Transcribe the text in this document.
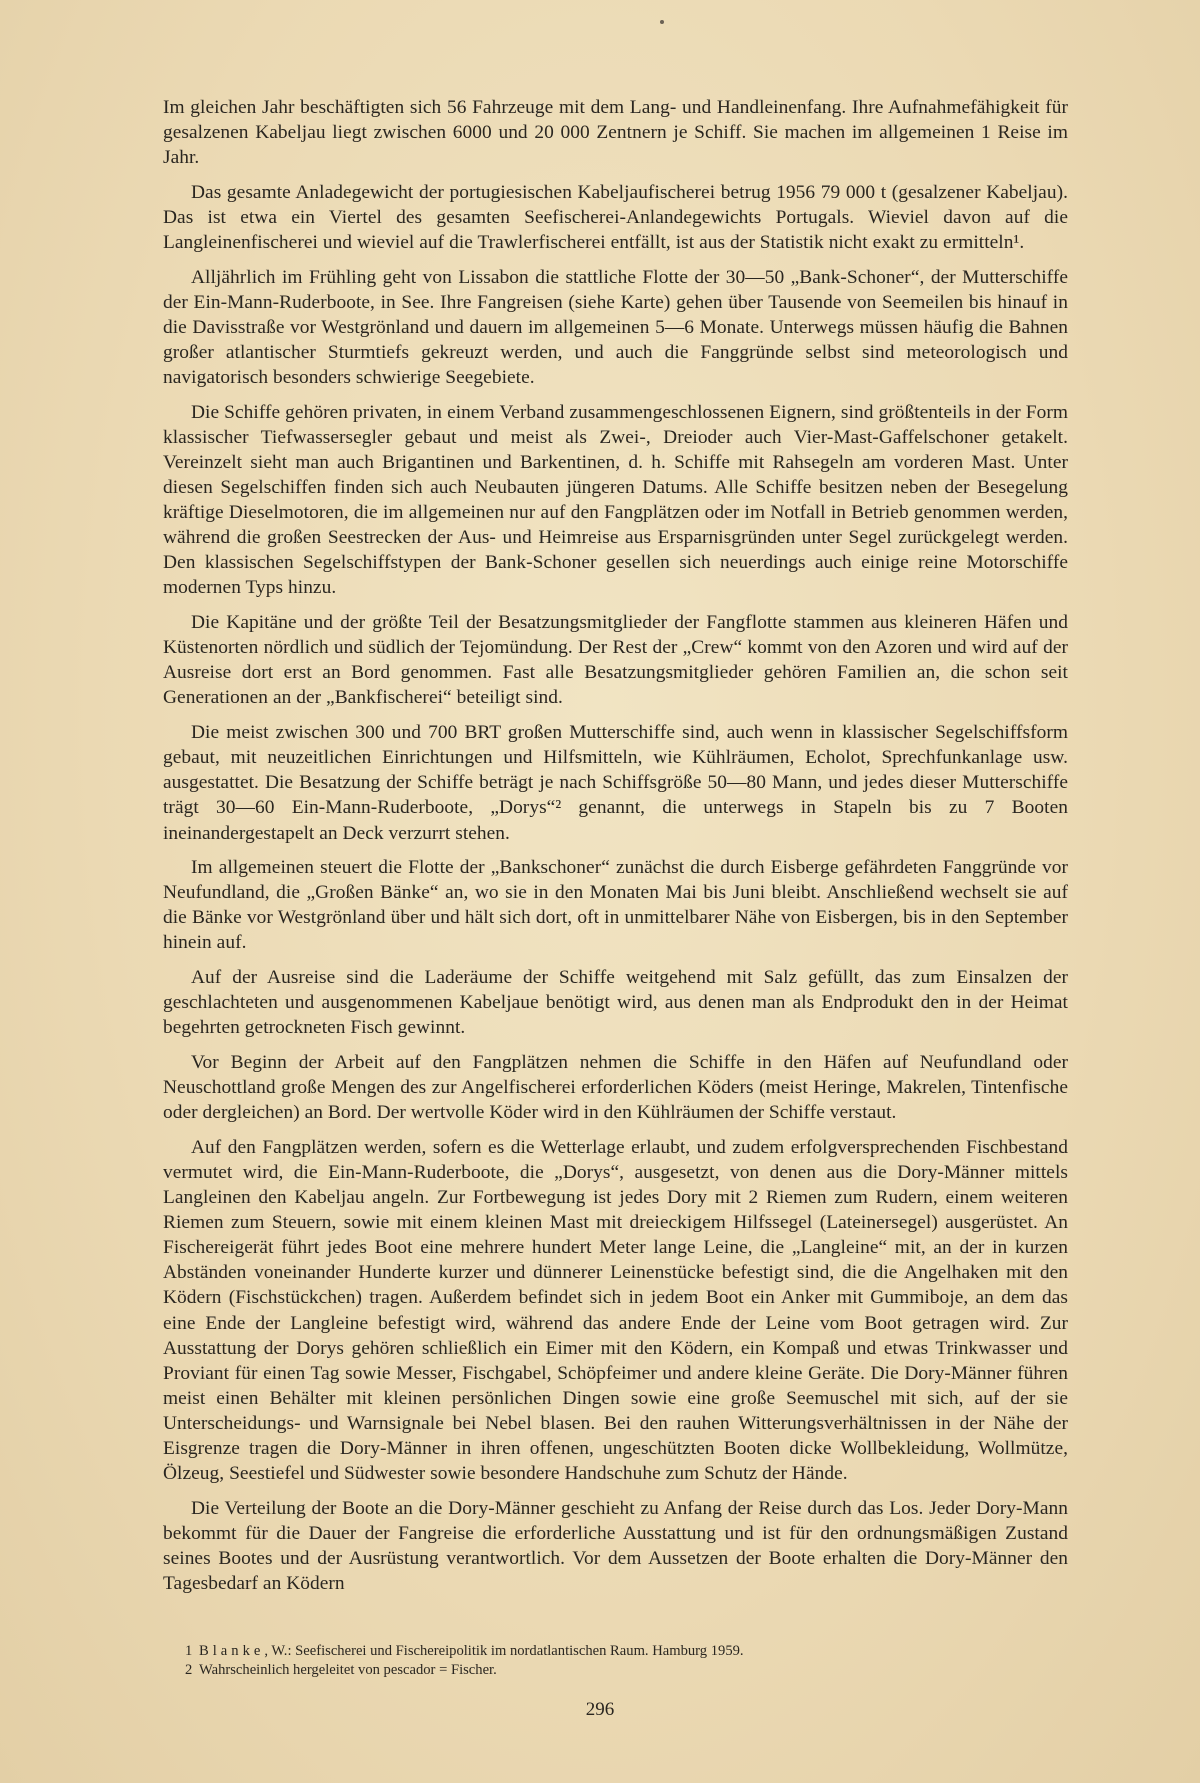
Im gleichen Jahr beschäftigten sich 56 Fahrzeuge mit dem Lang- und Handleinenfang. Ihre Aufnahmefähigkeit für gesalzenen Kabeljau liegt zwischen 6000 und 20 000 Zentnern je Schiff. Sie machen im allgemeinen 1 Reise im Jahr.

Das gesamte Anladegewicht der portugiesischen Kabeljaufischerei betrug 1956 79 000 t (gesalzener Kabeljau). Das ist etwa ein Viertel des gesamten Seefischerei-Anlandegewichts Portugals. Wieviel davon auf die Langleinenfischerei und wieviel auf die Trawlerfischerei entfällt, ist aus der Statistik nicht exakt zu ermitteln¹.

Alljährlich im Frühling geht von Lissabon die stattliche Flotte der 30—50 „Bank-Schoner“, der Mutterschiffe der Ein-Mann-Ruderboote, in See. Ihre Fangreisen (siehe Karte) gehen über Tausende von Seemeilen bis hinauf in die Davisstraße vor Westgrönland und dauern im allgemeinen 5—6 Monate. Unterwegs müssen häufig die Bahnen großer atlantischer Sturmtiefs gekreuzt werden, und auch die Fanggründe selbst sind meteorologisch und navigatorisch besonders schwierige Seegebiete.

Die Schiffe gehören privaten, in einem Verband zusammengeschlossenen Eignern, sind größtenteils in der Form klassischer Tiefwassersegler gebaut und meist als Zwei-, Dreioder auch Vier-Mast-Gaffelschoner getakelt. Vereinzelt sieht man auch Brigantinen und Barkentinen, d. h. Schiffe mit Rahsegeln am vorderen Mast. Unter diesen Segelschiffen finden sich auch Neubauten jüngeren Datums. Alle Schiffe besitzen neben der Besegelung kräftige Dieselmotoren, die im allgemeinen nur auf den Fangplätzen oder im Notfall in Betrieb genommen werden, während die großen Seestrecken der Aus- und Heimreise aus Ersparnisgründen unter Segel zurückgelegt werden. Den klassischen Segelschiffstypen der Bank-Schoner gesellen sich neuerdings auch einige reine Motorschiffe modernen Typs hinzu.

Die Kapitäne und der größte Teil der Besatzungsmitglieder der Fangflotte stammen aus kleineren Häfen und Küstenorten nördlich und südlich der Tejomündung. Der Rest der „Crew“ kommt von den Azoren und wird auf der Ausreise dort erst an Bord genommen. Fast alle Besatzungsmitglieder gehören Familien an, die schon seit Generationen an der „Bankfischerei“ beteiligt sind.

Die meist zwischen 300 und 700 BRT großen Mutterschiffe sind, auch wenn in klassischer Segelschiffsform gebaut, mit neuzeitlichen Einrichtungen und Hilfsmitteln, wie Kühlräumen, Echolot, Sprechfunkanlage usw. ausgestattet. Die Besatzung der Schiffe beträgt je nach Schiffsgröße 50—80 Mann, und jedes dieser Mutterschiffe trägt 30—60 Ein-Mann-Ruderboote, „Dorys“² genannt, die unterwegs in Stapeln bis zu 7 Booten ineinandergestapelt an Deck verzurrt stehen.

Im allgemeinen steuert die Flotte der „Bankschoner“ zunächst die durch Eisberge gefährdeten Fanggründe vor Neufundland, die „Großen Bänke“ an, wo sie in den Monaten Mai bis Juni bleibt. Anschließend wechselt sie auf die Bänke vor Westgrönland über und hält sich dort, oft in unmittelbarer Nähe von Eisbergen, bis in den September hinein auf.

Auf der Ausreise sind die Laderäume der Schiffe weitgehend mit Salz gefüllt, das zum Einsalzen der geschlachteten und ausgenommenen Kabeljaue benötigt wird, aus denen man als Endprodukt den in der Heimat begehrten getrockneten Fisch gewinnt.

Vor Beginn der Arbeit auf den Fangplätzen nehmen die Schiffe in den Häfen auf Neufundland oder Neuschottland große Mengen des zur Angelfischerei erforderlichen Köders (meist Heringe, Makrelen, Tintenfische oder dergleichen) an Bord. Der wertvolle Köder wird in den Kühlräumen der Schiffe verstaut.

Auf den Fangplätzen werden, sofern es die Wetterlage erlaubt, und zudem erfolgversprechenden Fischbestand vermutet wird, die Ein-Mann-Ruderboote, die „Dorys“, ausgesetzt, von denen aus die Dory-Männer mittels Langleinen den Kabeljau angeln. Zur Fortbewegung ist jedes Dory mit 2 Riemen zum Rudern, einem weiteren Riemen zum Steuern, sowie mit einem kleinen Mast mit dreieckigem Hilfssegel (Lateinersegel) ausgerüstet. An Fischereigerät führt jedes Boot eine mehrere hundert Meter lange Leine, die „Langleine“ mit, an der in kurzen Abständen voneinander Hunderte kurzer und dünnerer Leinenstücke befestigt sind, die die Angelhaken mit den Ködern (Fischstückchen) tragen. Außerdem befindet sich in jedem Boot ein Anker mit Gummiboje, an dem das eine Ende der Langleine befestigt wird, während das andere Ende der Leine vom Boot getragen wird. Zur Ausstattung der Dorys gehören schließlich ein Eimer mit den Ködern, ein Kompaß und etwas Trinkwasser und Proviant für einen Tag sowie Messer, Fischgabel, Schöpfeimer und andere kleine Geräte. Die Dory-Männer führen meist einen Behälter mit kleinen persönlichen Dingen sowie eine große Seemuschel mit sich, auf der sie Unterscheidungs- und Warnsignale bei Nebel blasen. Bei den rauhen Witterungsverhältnissen in der Nähe der Eisgrenze tragen die Dory-Männer in ihren offenen, ungeschützten Booten dicke Wollbekleidung, Wollmütze, Ölzeug, Seestiefel und Südwester sowie besondere Handschuhe zum Schutz der Hände.

Die Verteilung der Boote an die Dory-Männer geschieht zu Anfang der Reise durch das Los. Jeder Dory-Mann bekommt für die Dauer der Fangreise die erforderliche Ausstattung und ist für den ordnungsmäßigen Zustand seines Bootes und der Ausrüstung verantwortlich. Vor dem Aussetzen der Boote erhalten die Dory-Männer den Tagesbedarf an Ködern

1 Blanke, W.: Seefischerei und Fischereipolitik im nordatlantischen Raum. Hamburg 1959.

2 Wahrscheinlich hergeleitet von pescador = Fischer.

296
